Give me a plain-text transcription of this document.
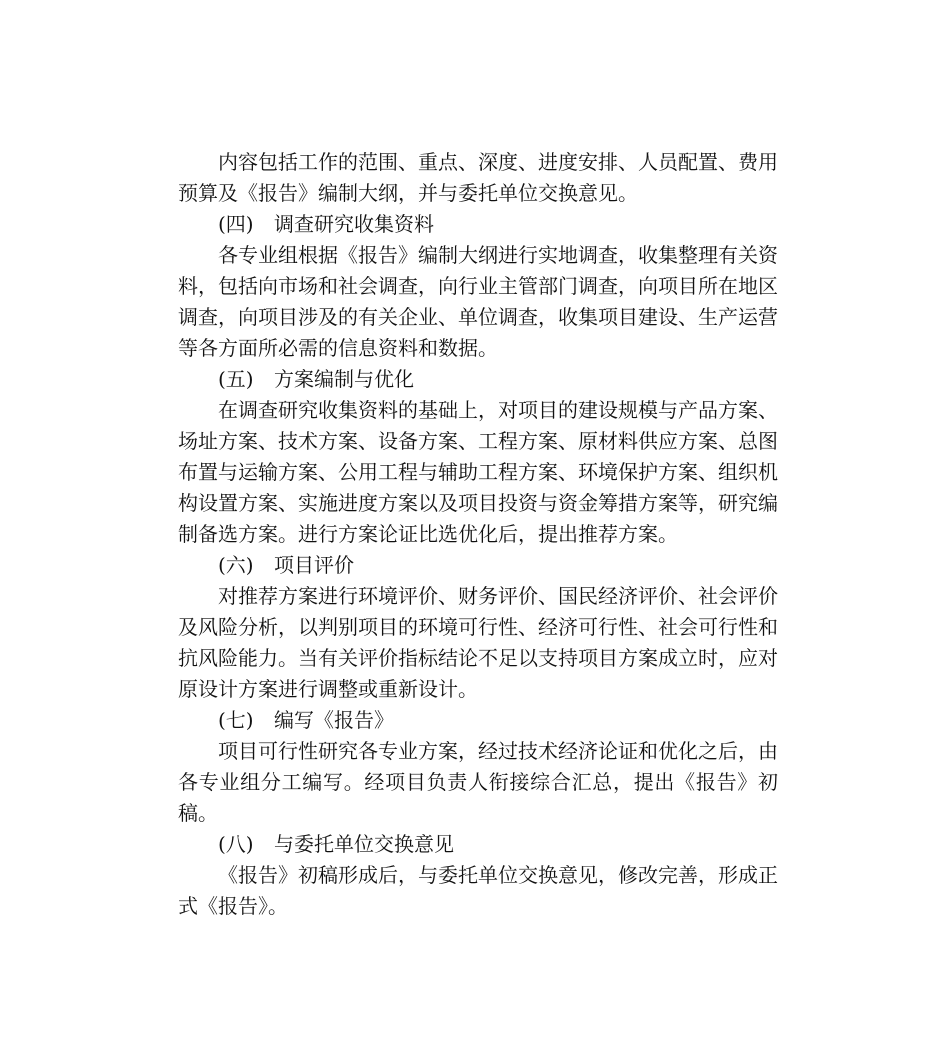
内容包括工作的范围、重点、深度、进度安排、人员配置、费用预算及《报告》编制大纲，并与委托单位交换意见。

(四) 调查研究收集资料

各专业组根据《报告》编制大纲进行实地调查，收集整理有关资料，包括向市场和社会调查，向行业主管部门调查，向项目所在地区调查，向项目涉及的有关企业、单位调查，收集项目建设、生产运营等各方面所必需的信息资料和数据。

(五) 方案编制与优化

在调查研究收集资料的基础上，对项目的建设规模与产品方案、场址方案、技术方案、设备方案、工程方案、原材料供应方案、总图布置与运输方案、公用工程与辅助工程方案、环境保护方案、组织机构设置方案、实施进度方案以及项目投资与资金筹措方案等，研究编制备选方案。进行方案论证比选优化后，提出推荐方案。

(六) 项目评价

对推荐方案进行环境评价、财务评价、国民经济评价、社会评价及风险分析，以判别项目的环境可行性、经济可行性、社会可行性和抗风险能力。当有关评价指标结论不足以支持项目方案成立时，应对原设计方案进行调整或重新设计。

(七) 编写《报告》

项目可行性研究各专业方案，经过技术经济论证和优化之后，由各专业组分工编写。经项目负责人衔接综合汇总，提出《报告》初稿。

(八) 与委托单位交换意见

《报告》初稿形成后，与委托单位交换意见，修改完善，形成正式《报告》。
